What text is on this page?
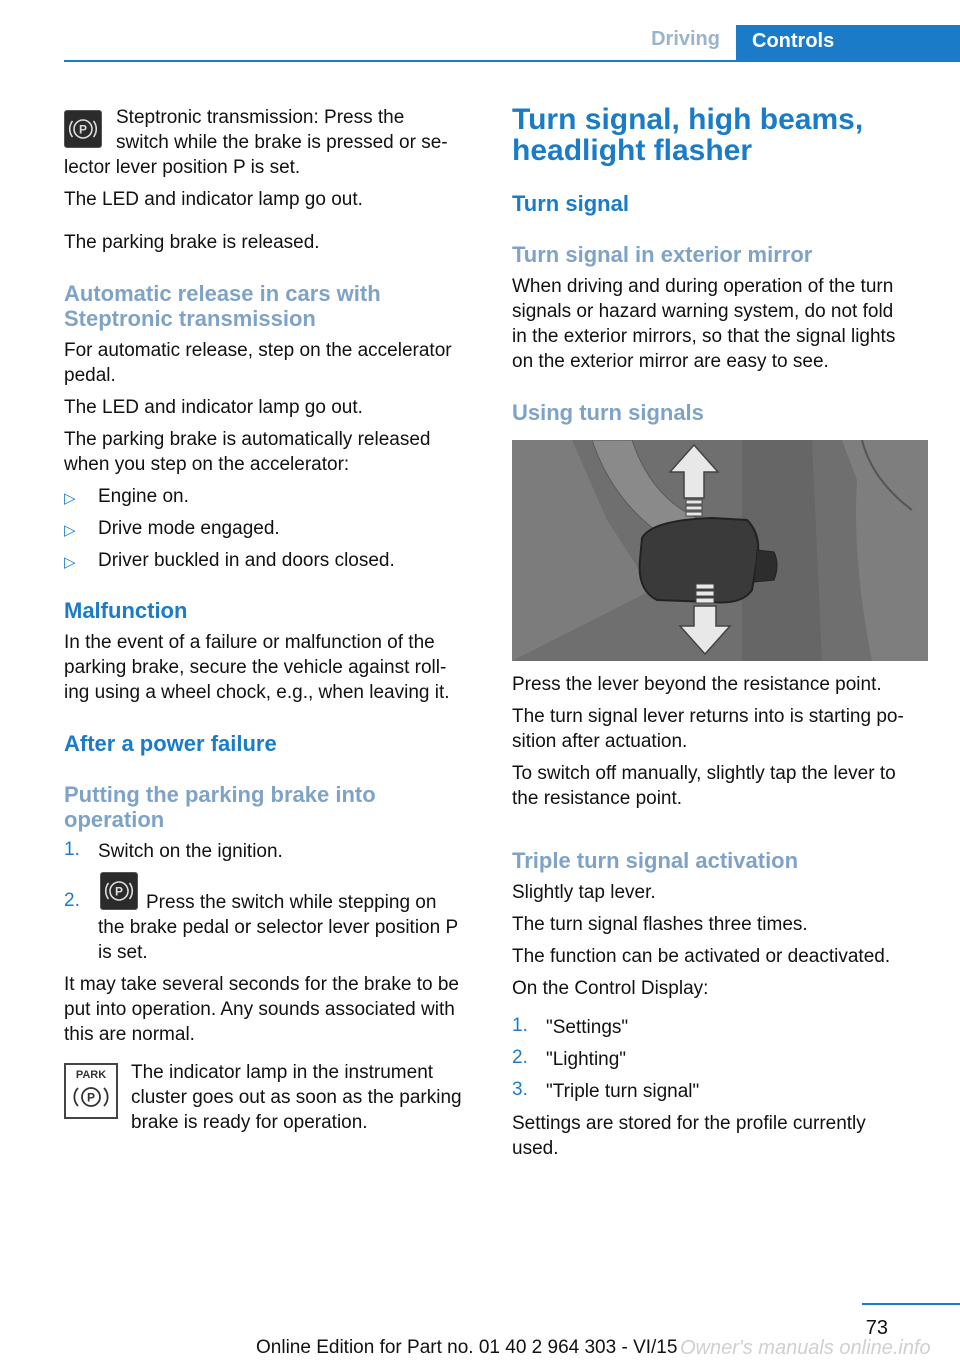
Driving	Controls
P

Steptronic transmission: Press the

switch while the brake is pressed or se-

lector lever position P is set.

The LED and indicator lamp go out.

The parking brake is released.

Automatic release in cars with

Steptronic transmission

For automatic release, step on the accelerator

pedal.

The LED and indicator lamp go out.

The parking brake is automatically released

when you step on the accelerator:

▷ Engine on.
▷ Drive mode engaged.
▷ Driver buckled in and doors closed.

Malfunction

In the event of a failure or malfunction of the

parking brake, secure the vehicle against roll-

ing using a wheel chock, e.g., when leaving it.

After a power failure

Putting the parking brake into

operation

1. Switch on the ignition.
2.	P
Press the switch while stepping on
the brake pedal or selector lever position P
is set.

It may take several seconds for the brake to be

put into operation. Any sounds associated with

this are normal.

PARK
P

The indicator lamp in the instrument

cluster goes out as soon as the parking

brake is ready for operation.

Turn signal, high beams,

headlight flasher

Turn signal

Turn signal in exterior mirror

When driving and during operation of the turn

signals or hazard warning system, do not fold

in the exterior mirrors, so that the signal lights

on the exterior mirror are easy to see.

Using turn signals

Press the lever beyond the resistance point.

The turn signal lever returns into is starting po-

sition after actuation.

To switch off manually, slightly tap the lever to

the resistance point.

Triple turn signal activation

Slightly tap lever.

The turn signal flashes three times.

The function can be activated or deactivated.

On the Control Display:

1. "Settings"
2. "Lighting"
3. "Triple turn signal"

Settings are stored for the profile currently

used.

73
Online Edition for Part no. 01 40 2 964 303 - VI/15 Owner's manuals online.info
